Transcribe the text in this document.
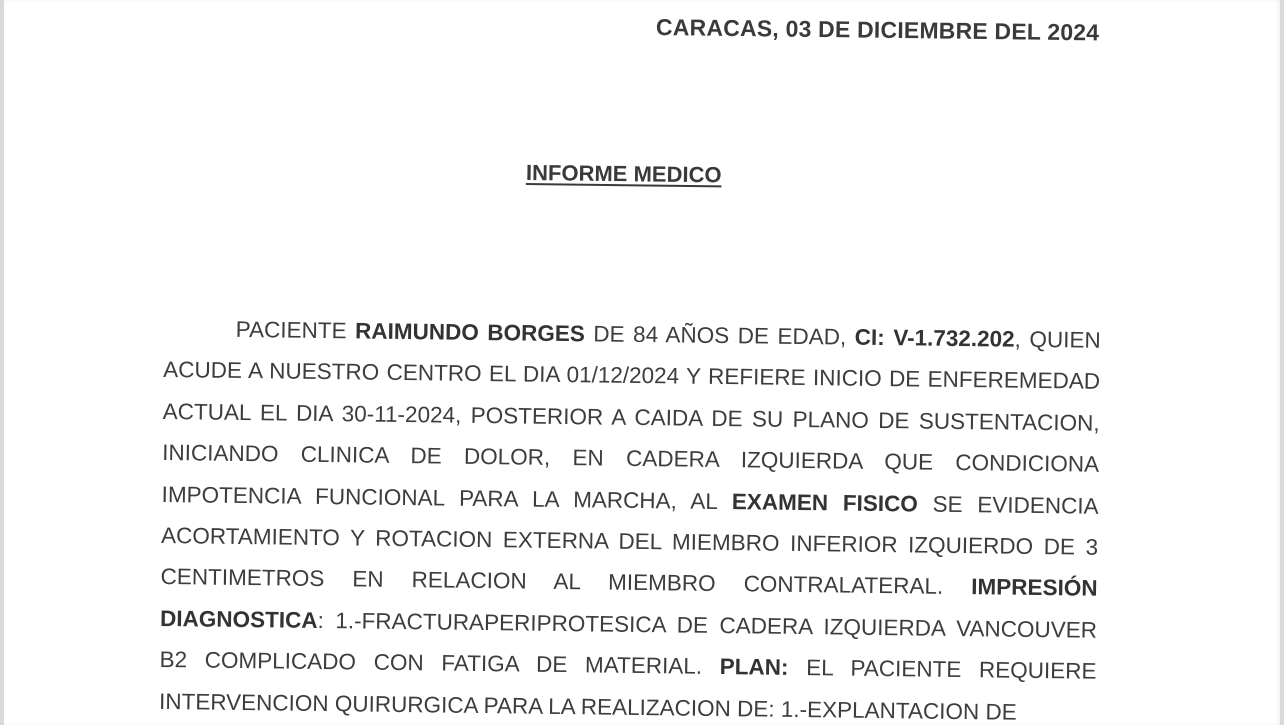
CARACAS, 03 DE DICIEMBRE DEL 2024
INFORME MEDICO

PACIENTE RAIMUNDO BORGES DE 84 AÑOS DE EDAD, CI: V-1.732.202, QUIEN ACUDE A NUESTRO CENTRO EL DIA 01/12/2024 Y REFIERE INICIO DE ENFEREMEDAD ACTUAL EL DIA 30-11-2024, POSTERIOR A CAIDA DE SU PLANO DE SUSTENTACION, INICIANDO CLINICA DE DOLOR, EN CADERA IZQUIERDA QUE CONDICIONA IMPOTENCIA FUNCIONAL PARA LA MARCHA, AL EXAMEN FISICO SE EVIDENCIA ACORTAMIENTO Y ROTACION EXTERNA DEL MIEMBRO INFERIOR IZQUIERDO DE 3 CENTIMETROS EN RELACION AL MIEMBRO CONTRALATERAL. IMPRESIÓN DIAGNOSTICA: 1.-FRACTURAPERIPROTESICA DE CADERA IZQUIERDA VANCOUVER B2 COMPLICADO CON FATIGA DE MATERIAL. PLAN: EL PACIENTE REQUIERE INTERVENCION QUIRURGICA PARA LA REALIZACION DE: 1.-EXPLANTACION DE
